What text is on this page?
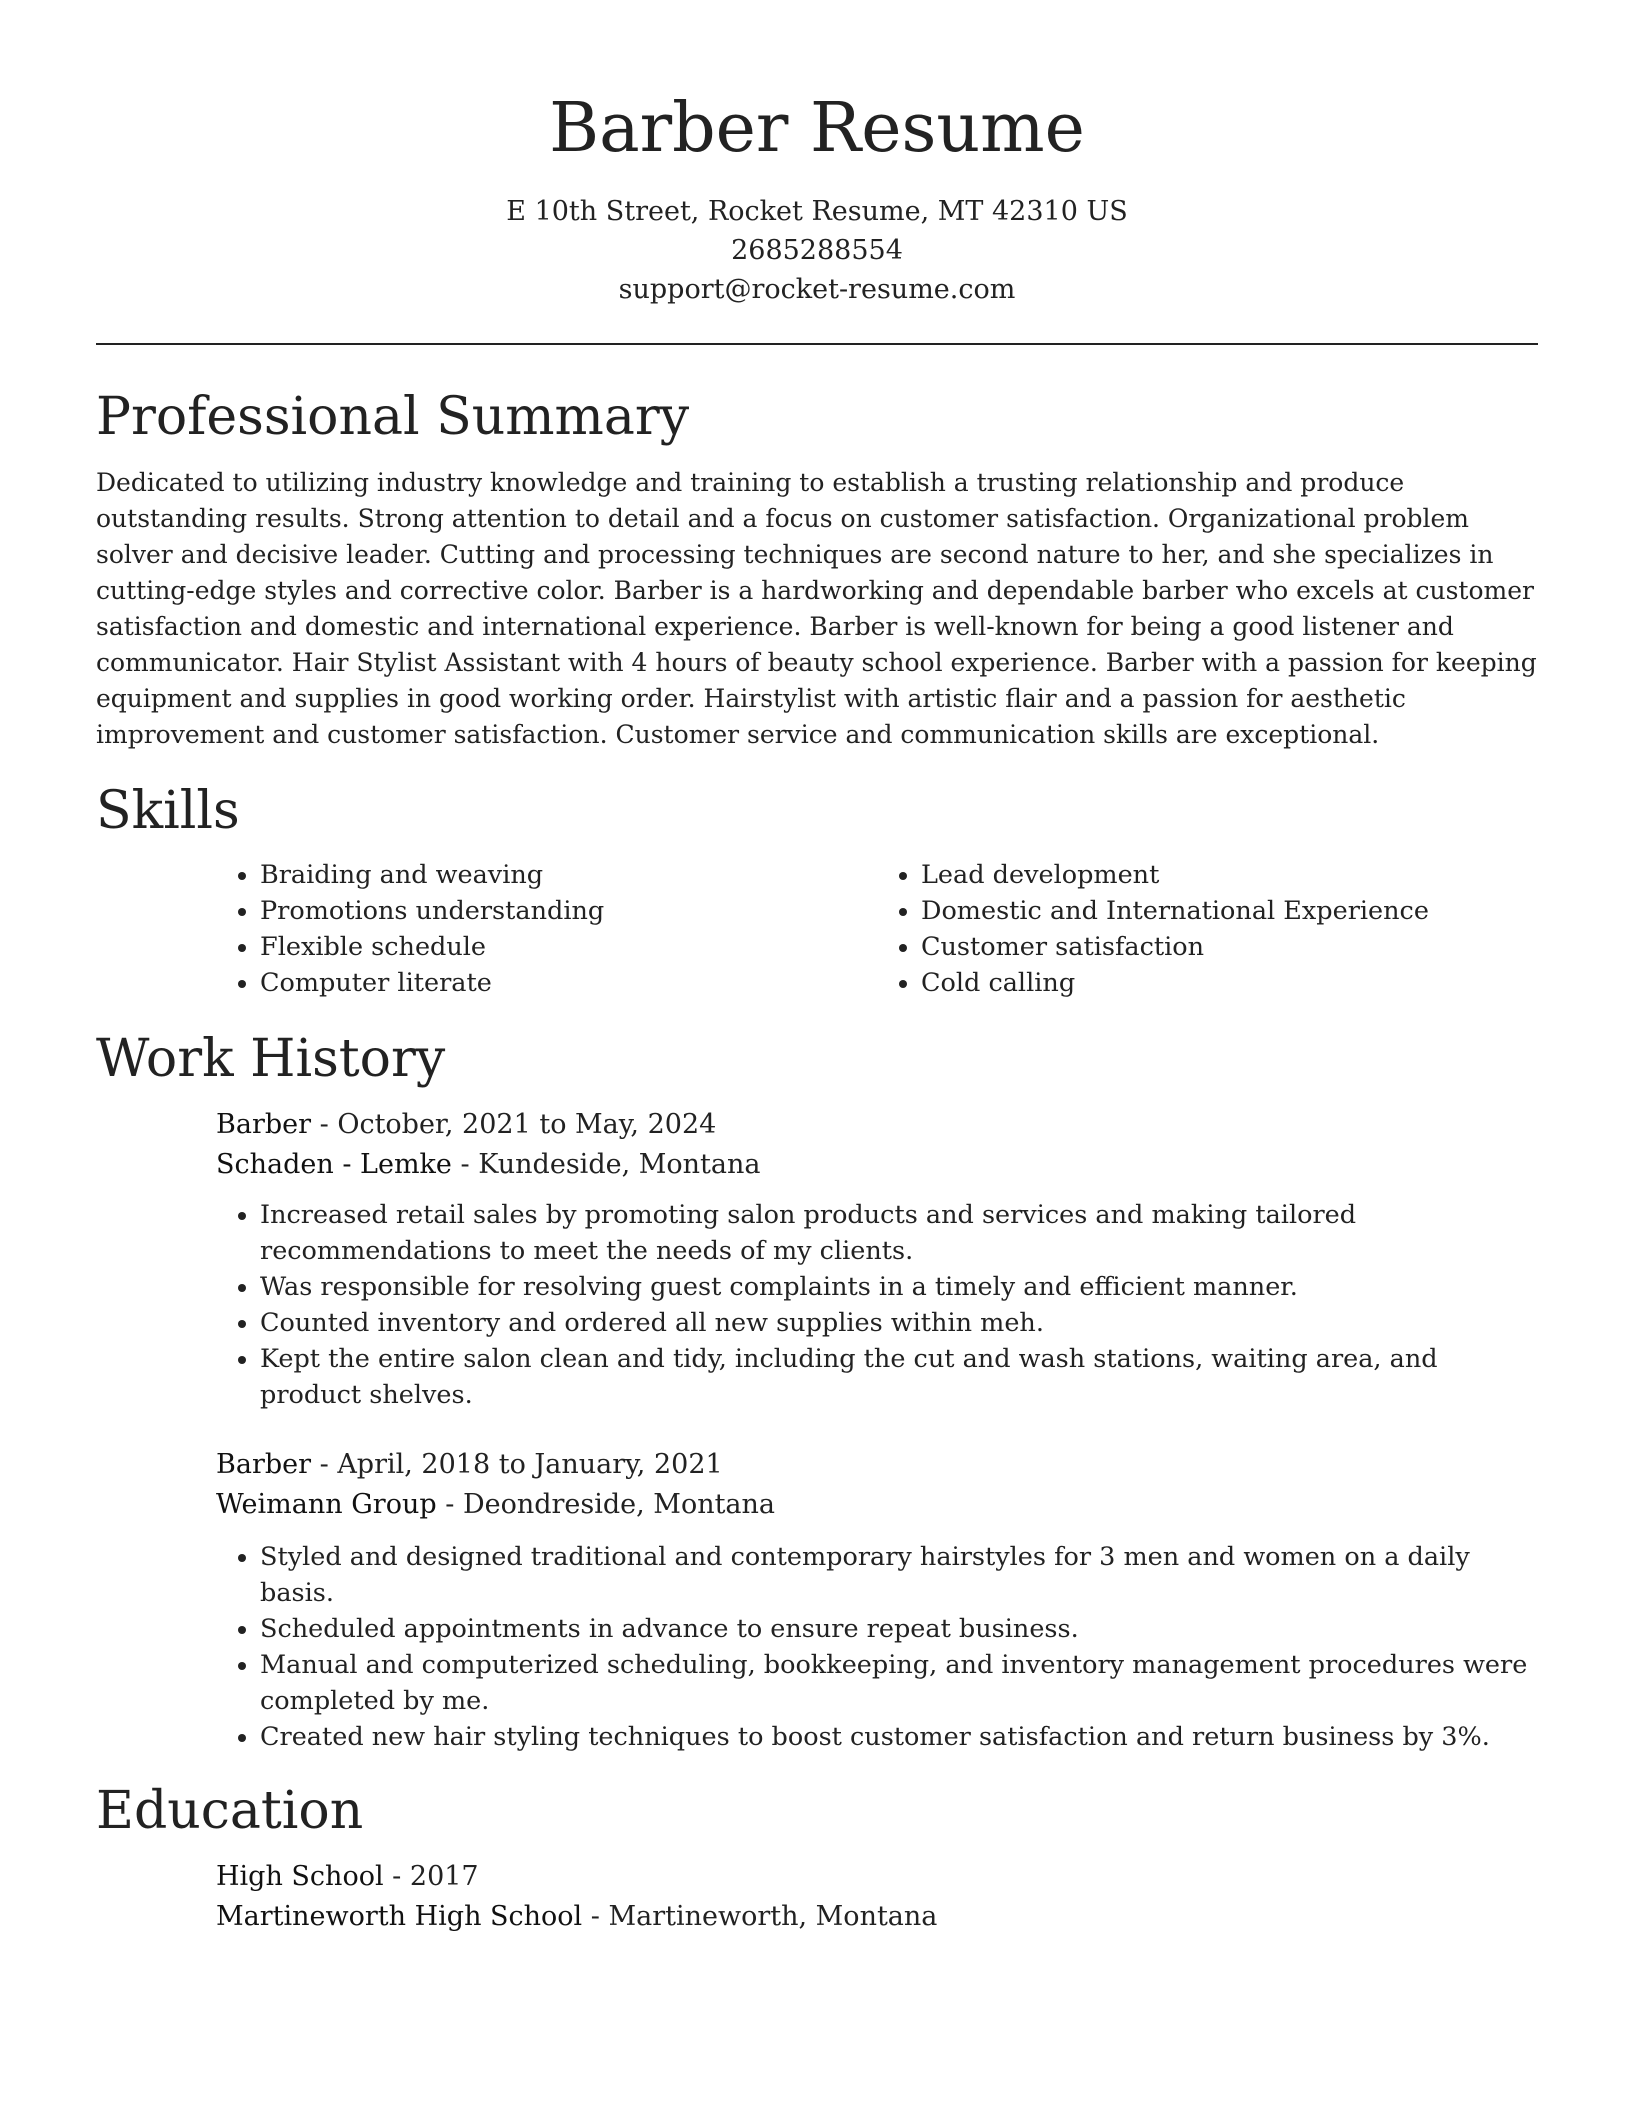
Barber Resume

E 10th Street, Rocket Resume, MT 42310 US

2685288554

support@rocket-resume.com

Professional Summary

Dedicated to utilizing industry knowledge and training to establish a trusting relationship and produce outstanding results. Strong attention to detail and a focus on customer satisfaction. Organizational problem solver and decisive leader. Cutting and processing techniques are second nature to her, and she specializes in cutting-edge styles and corrective color. Barber is a hardworking and dependable barber who excels at customer satisfaction and domestic and international experience. Barber is well-known for being a good listener and communicator. Hair Stylist Assistant with 4 hours of beauty school experience. Barber with a passion for keeping equipment and supplies in good working order. Hairstylist with artistic flair and a passion for aesthetic improvement and customer satisfaction. Customer service and communication skills are exceptional.

Skills
• Braiding and weaving
• Promotions understanding
• Flexible schedule
• Computer literate
• Lead development
• Domestic and International Experience
• Customer satisfaction
• Cold calling
Work History

Barber - October, 2021 to May, 2024

Schaden - Lemke - Kundeside, Montana

• Increased retail sales by promoting salon products and services and making tailored recommendations to meet the needs of my clients.
• Was responsible for resolving guest complaints in a timely and efficient manner.
• Counted inventory and ordered all new supplies within meh.
• Kept the entire salon clean and tidy, including the cut and wash stations, waiting area, and product shelves.

Barber - April, 2018 to January, 2021

Weimann Group - Deondreside, Montana

• Styled and designed traditional and contemporary hairstyles for 3 men and women on a daily basis.
• Scheduled appointments in advance to ensure repeat business.
• Manual and computerized scheduling, bookkeeping, and inventory management procedures were completed by me.
• Created new hair styling techniques to boost customer satisfaction and return business by 3%.
Education

High School - 2017

Martineworth High School - Martineworth, Montana
